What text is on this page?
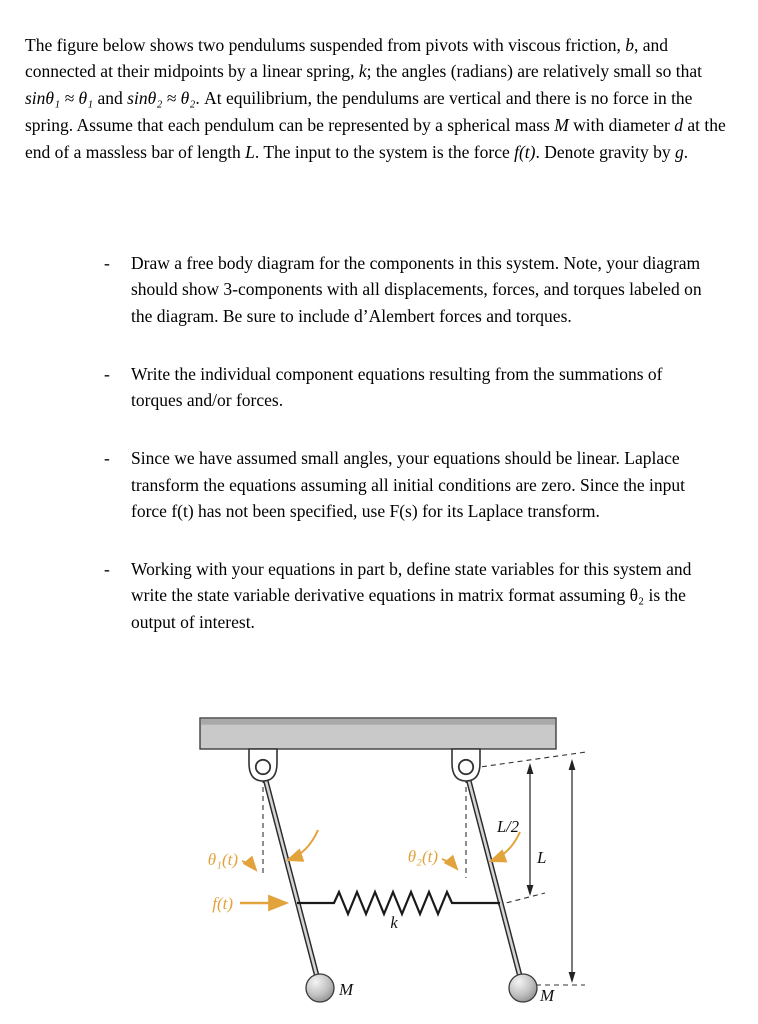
The figure below shows two pendulums suspended from pivots with viscous friction, b, and connected at their midpoints by a linear spring, k; the angles (radians) are relatively small so that sinθ₁ ≈ θ₁ and sinθ₂ ≈ θ₂. At equilibrium, the pendulums are vertical and there is no force in the spring. Assume that each pendulum can be represented by a spherical mass M with diameter d at the end of a massless bar of length L. The input to the system is the force f(t). Denote gravity by g.

-	Draw a free body diagram for the components in this system. Note, your diagram should show 3-components with all displacements, forces, and torques labeled on the diagram. Be sure to include d’Alembert forces and torques.
-	Write the individual component equations resulting from the summations of torques and/or forces.
-	Since we have assumed small angles, your equations should be linear. Laplace transform the equations assuming all initial conditions are zero. Since the input force f(t) has not been specified, use F(s) for its Laplace transform.
-	Working with your equations in part b, define state variables for this system and write the state variable derivative equations in matrix format assuming θ₂ is the output of interest.
θ₁(t)	θ₂(t)
f(t)
k
L/2
L
M	M
